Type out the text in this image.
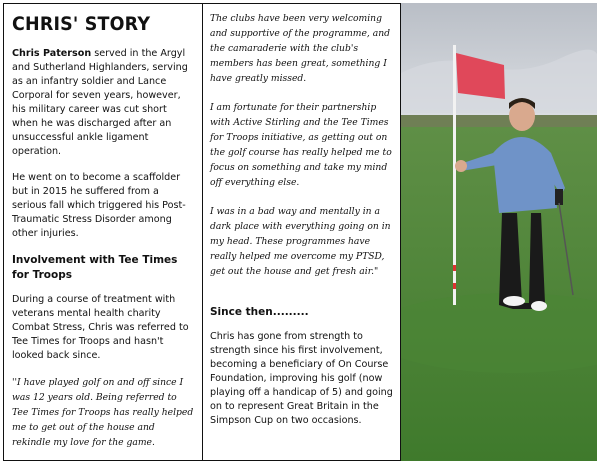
CHRIS' STORY

Chris Paterson served in the Argyl and Sutherland Highlanders, serving as an infantry soldier and Lance Corporal for seven years, however, his military career was cut short when he was discharged after an unsuccessful ankle ligament operation.

He went on to become a scaffolder but in 2015 he suffered from a serious fall which triggered his Post-Traumatic Stress Disorder among other injuries.

Involvement with Tee Times for Troops

During a course of treatment with veterans mental health charity Combat Stress, Chris was referred to Tee Times for Troops and hasn't looked back since.

''I have played golf on and off since I was 12 years old. Being referred to Tee Times for Troops has really helped me to get out of the house and rekindle my love for the game.

The clubs have been very welcoming and supportive of the programme, and the camaraderie with the club's members has been great, something I have greatly missed.

I am fortunate for their partnership with Active Stirling and the Tee Times for Troops initiative, as getting out on the golf course has really helped me to focus on something and take my mind off everything else.

I was in a bad way and mentally in a dark place with everything going on in my head. These programmes have really helped me overcome my PTSD, get out the house and get fresh air."

Since then.........

Chris has gone from strength to strength since his first involvement, becoming a beneficiary of On Course Foundation, improving his golf (now playing off a handicap of 5) and going on to represent Great Britain in the Simpson Cup on two occasions.
